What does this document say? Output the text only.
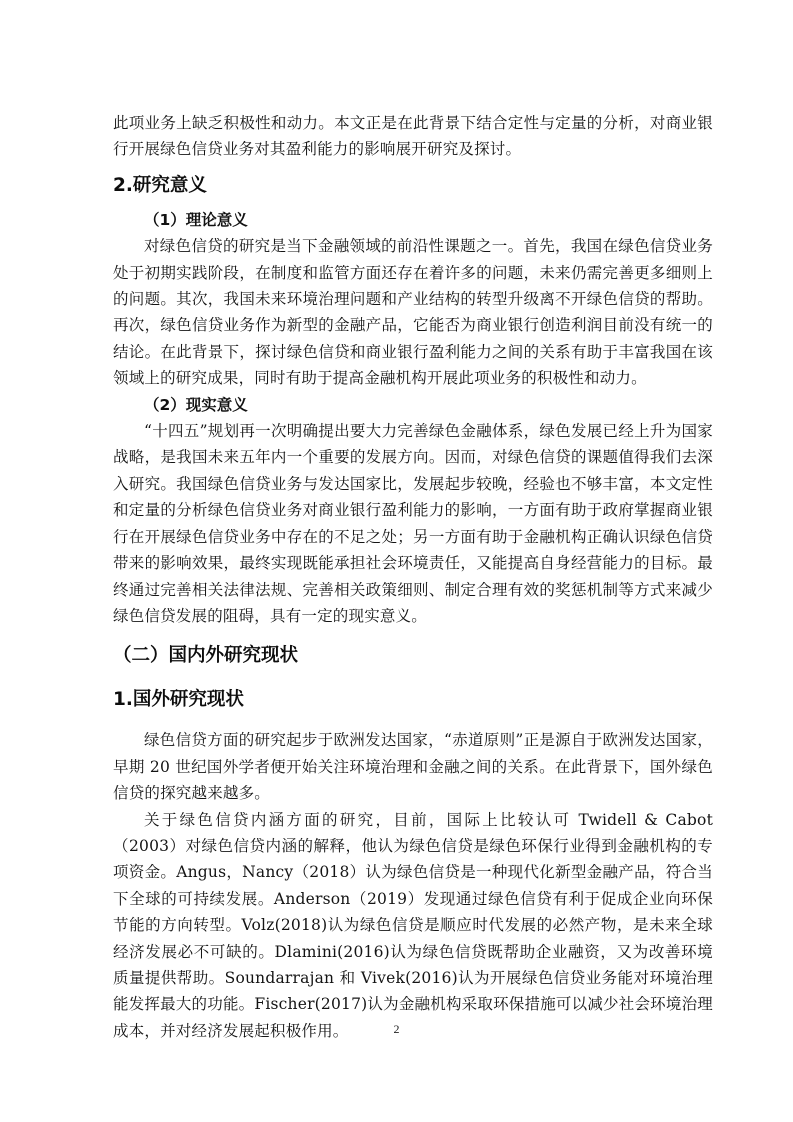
此项业务上缺乏积极性和动力。本文正是在此背景下结合定性与定量的分析，对商业银行开展绿色信贷业务对其盈利能力的影响展开研究及探讨。

2.研究意义
（1）理论意义

对绿色信贷的研究是当下金融领域的前沿性课题之一。首先，我国在绿色信贷业务处于初期实践阶段，在制度和监管方面还存在着许多的问题，未来仍需完善更多细则上的问题。其次，我国未来环境治理问题和产业结构的转型升级离不开绿色信贷的帮助。再次，绿色信贷业务作为新型的金融产品，它能否为商业银行创造利润目前没有统一的结论。在此背景下，探讨绿色信贷和商业银行盈利能力之间的关系有助于丰富我国在该领域上的研究成果，同时有助于提高金融机构开展此项业务的积极性和动力。

（2）现实意义

“十四五”规划再一次明确提出要大力完善绿色金融体系，绿色发展已经上升为国家战略，是我国未来五年内一个重要的发展方向。因而，对绿色信贷的课题值得我们去深入研究。我国绿色信贷业务与发达国家比，发展起步较晚，经验也不够丰富，本文定性和定量的分析绿色信贷业务对商业银行盈利能力的影响，一方面有助于政府掌握商业银行在开展绿色信贷业务中存在的不足之处；另一方面有助于金融机构正确认识绿色信贷带来的影响效果，最终实现既能承担社会环境责任，又能提高自身经营能力的目标。最终通过完善相关法律法规、完善相关政策细则、制定合理有效的奖惩机制等方式来减少绿色信贷发展的阻碍，具有一定的现实意义。

（二）国内外研究现状
1.国外研究现状

绿色信贷方面的研究起步于欧洲发达国家，“赤道原则”正是源自于欧洲发达国家，早期 20 世纪国外学者便开始关注环境治理和金融之间的关系。在此背景下，国外绿色信贷的探究越来越多。

关于绿色信贷内涵方面的研究，目前，国际上比较认可 Twidell & Cabot（2003）对绿色信贷内涵的解释，他认为绿色信贷是绿色环保行业得到金融机构的专项资金。Angus，Nancy（2018）认为绿色信贷是一种现代化新型金融产品，符合当下全球的可持续发展。Anderson（2019）发现通过绿色信贷有利于促成企业向环保节能的方向转型。Volz(2018)认为绿色信贷是顺应时代发展的必然产物，是未来全球经济发展必不可缺的。Dlamini(2016)认为绿色信贷既帮助企业融资，又为改善环境质量提供帮助。Soundarrajan 和 Vivek(2016)认为开展绿色信贷业务能对环境治理能发挥最大的功能。Fischer(2017)认为金融机构采取环保措施可以减少社会环境治理成本，并对经济发展起积极作用。	2
